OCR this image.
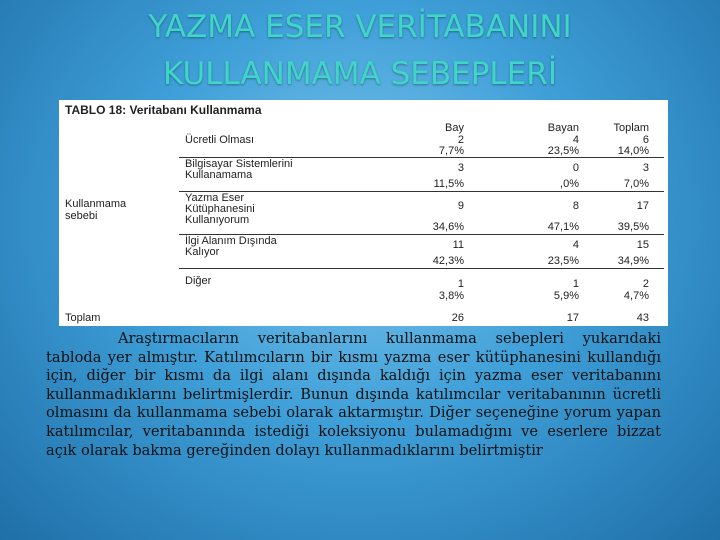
YAZMA ESER VERİTABANINI
KULLANMAMA SEBEPLERİ
TABLO 18: Veritabanı Kullanmama
Bay	Bayan	Toplam
Kullanmama
sebebi
Ücretli Olması	2	4	6
7,7%	23,5%	14,0%
Bilgisayar Sistemlerini
Kullanamama
3	0	3
11,5%	,0%	7,0%
Yazma Eser
Kütüphanesini
Kullanıyorum
9	8	17
34,6%	47,1%	39,5%
İlgi Alanım Dışında
Kalıyor
11	4	15
42,3%	23,5%	34,9%
Diğer	1	1	2
3,8%	5,9%	4,7%
Toplam	26	17	43
Araştırmacıların veritabanlarını kullanmama sebepleri yukarıdaki tabloda yer almıştır. Katılımcıların bir kısmı yazma eser kütüphanesini kullandığı için, diğer bir kısmı da ilgi alanı dışında kaldığı için yazma eser veritabanını kullanmadıklarını belirtmişlerdir. Bunun dışında katılımcılar veritabanının ücretli olmasını da kullanmama sebebi olarak aktarmıştır. Diğer seçeneğine yorum yapan katılımcılar, veritabanında istediği koleksiyonu bulamadığını ve eserlere bizzat açık olarak bakma gereğinden dolayı kullanmadıklarını belirtmiştir
